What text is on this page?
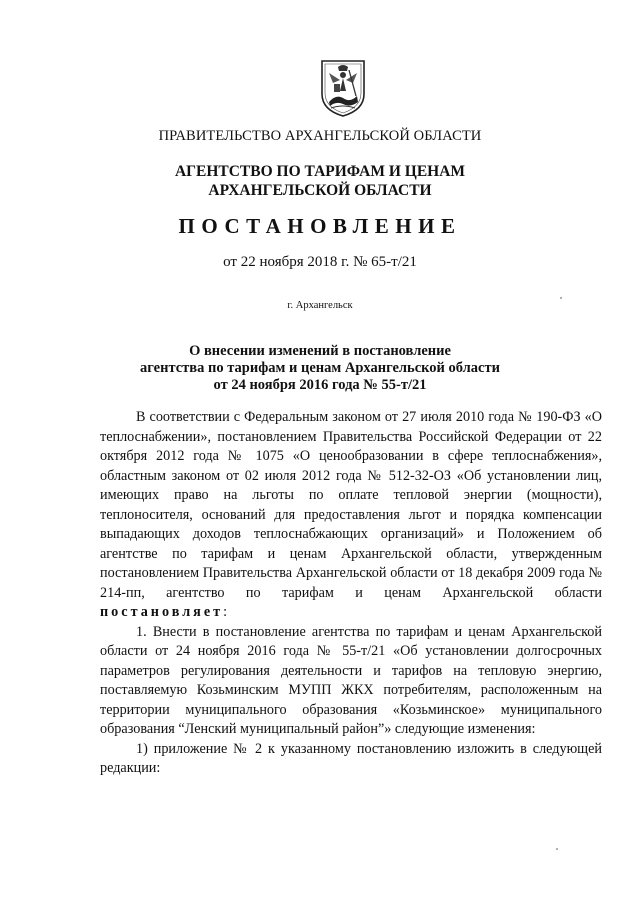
ПРАВИТЕЛЬСТВО АРХАНГЕЛЬСКОЙ ОБЛАСТИ
АГЕНТСТВО ПО ТАРИФАМ И ЦЕНАМ
АРХАНГЕЛЬСКОЙ ОБЛАСТИ
ПОСТАНОВЛЕНИЕ
от 22 ноября 2018 г. № 65-т/21
г. Архангельск
О внесении изменений в постановление
агентства по тарифам и ценам Архангельской области
от 24 ноября 2016 года № 55-т/21

В соответствии с Федеральным законом от 27 июля 2010 года № 190-ФЗ «О теплоснабжении», постановлением Правительства Российской Федерации от 22 октября 2012 года № 1075 «О ценообразовании в сфере теплоснабжения», областным законом от 02 июля 2012 года № 512-32-ОЗ «Об установлении лиц, имеющих право на льготы по оплате тепловой энергии (мощности), теплоносителя, оснований для предоставления льгот и порядка компенсации выпадающих доходов теплоснабжающих организаций» и Положением об агентстве по тарифам и ценам Архангельской области, утвержденным постановлением Правительства Архангельской области от 18 декабря 2009 года № 214-пп, агентство по тарифам и ценам Архангельской области постановляет:

1. Внести в постановление агентства по тарифам и ценам Архангельской области от 24 ноября 2016 года № 55-т/21 «Об установлении долгосрочных параметров регулирования деятельности и тарифов на тепловую энергию, поставляемую Козьминским МУПП ЖКХ потребителям, расположенным на территории муниципального образования «Козьминское» муниципального образования “Ленский муниципальный район”» следующие изменения:

1) приложение № 2 к указанному постановлению изложить в следующей редакции:
